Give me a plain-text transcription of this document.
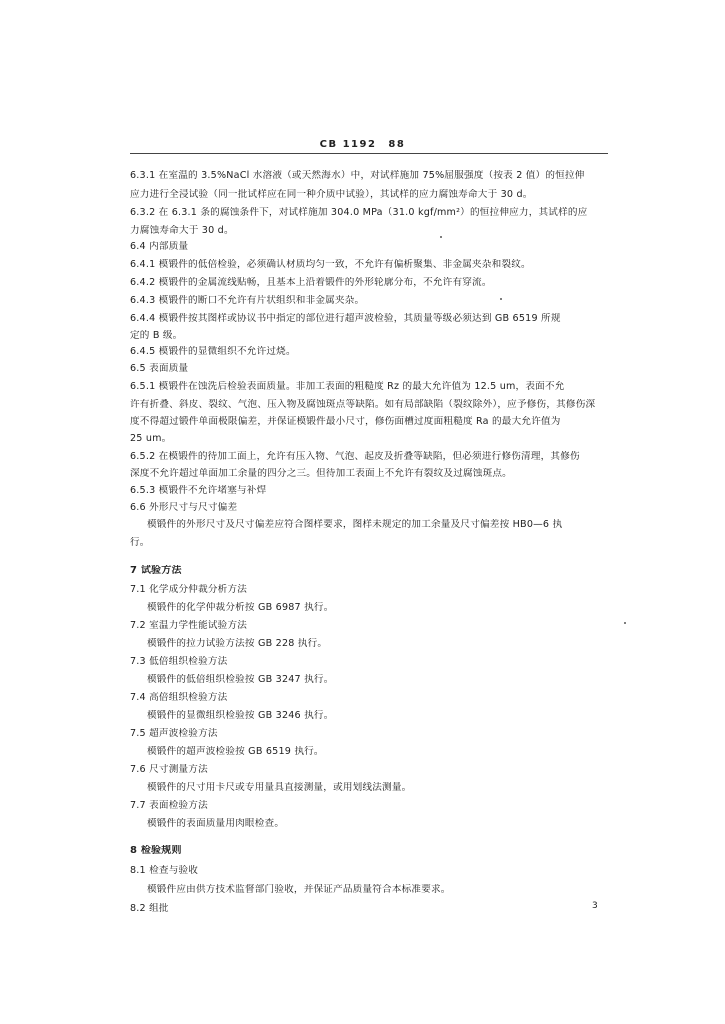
CB 1192 88
6.3.1 在室温的 3.5%NaCl 水溶液（或天然海水）中，对试样施加 75%屈服强度（按表 2 值）的恒拉伸
应力进行全浸试验（同一批试样应在同一种介质中试验），其试样的应力腐蚀寿命大于 30 d。
6.3.2 在 6.3.1 条的腐蚀条件下，对试样施加 304.0 MPa（31.0 kgf/mm²）的恒拉伸应力，其试样的应
力腐蚀寿命大于 30 d。
6.4 内部质量
6.4.1 模锻件的低倍检验，必须确认材质均匀一致，不允许有偏析聚集、非金属夹杂和裂纹。
6.4.2 模锻件的金属流线贴畅，且基本上沿着锻件的外形轮廓分布，不允许有穿流。
6.4.3 模锻件的断口不允许有片状组织和非金属夹杂。
6.4.4 模锻件按其图样或协议书中指定的部位进行超声波检验，其质量等级必须达到 GB 6519 所规
定的 B 级。
6.4.5 模锻件的显微组织不允许过烧。
6.5 表面质量
6.5.1 模锻件在蚀洗后检验表面质量。非加工表面的粗糙度 Rz 的最大允许值为 12.5 um，表面不允
许有折叠、斜皮、裂纹、气泡、压入物及腐蚀斑点等缺陷。如有局部缺陷（裂纹除外），应予修伤，其修伤深
度不得超过锻件单面极限偏差，并保证模锻件最小尺寸，修伤面槽过度面粗糙度 Ra 的最大允许值为
25 um。
6.5.2 在模锻件的待加工面上，允许有压入物、气泡、起皮及折叠等缺陷，但必须进行修伤清理，其修伤
深度不允许超过单面加工余量的四分之三。但待加工表面上不允许有裂纹及过腐蚀斑点。
6.5.3 模锻件不允许堵塞与补焊
6.6 外形尺寸与尺寸偏差
模锻件的外形尺寸及尺寸偏差应符合图样要求，图样未规定的加工余量及尺寸偏差按 HB0—6 执
行。
7 试验方法
7.1 化学成分仲裁分析方法
模锻件的化学仲裁分析按 GB 6987 执行。
7.2 室温力学性能试验方法
模锻件的拉力试验方法按 GB 228 执行。
7.3 低倍组织检验方法
模锻件的低倍组织检验按 GB 3247 执行。
7.4 高倍组织检验方法
模锻件的显微组织检验按 GB 3246 执行。
7.5 超声波检验方法
模锻件的超声波检验按 GB 6519 执行。
7.6 尺寸测量方法
模锻件的尺寸用卡尺或专用量具直接测量，或用划线法测量。
7.7 表面检验方法
模锻件的表面质量用肉眼检查。
8 检验规则
8.1 检查与验收
模锻件应由供方技术监督部门验收，并保证产品质量符合本标准要求。
8.2 组批	3
